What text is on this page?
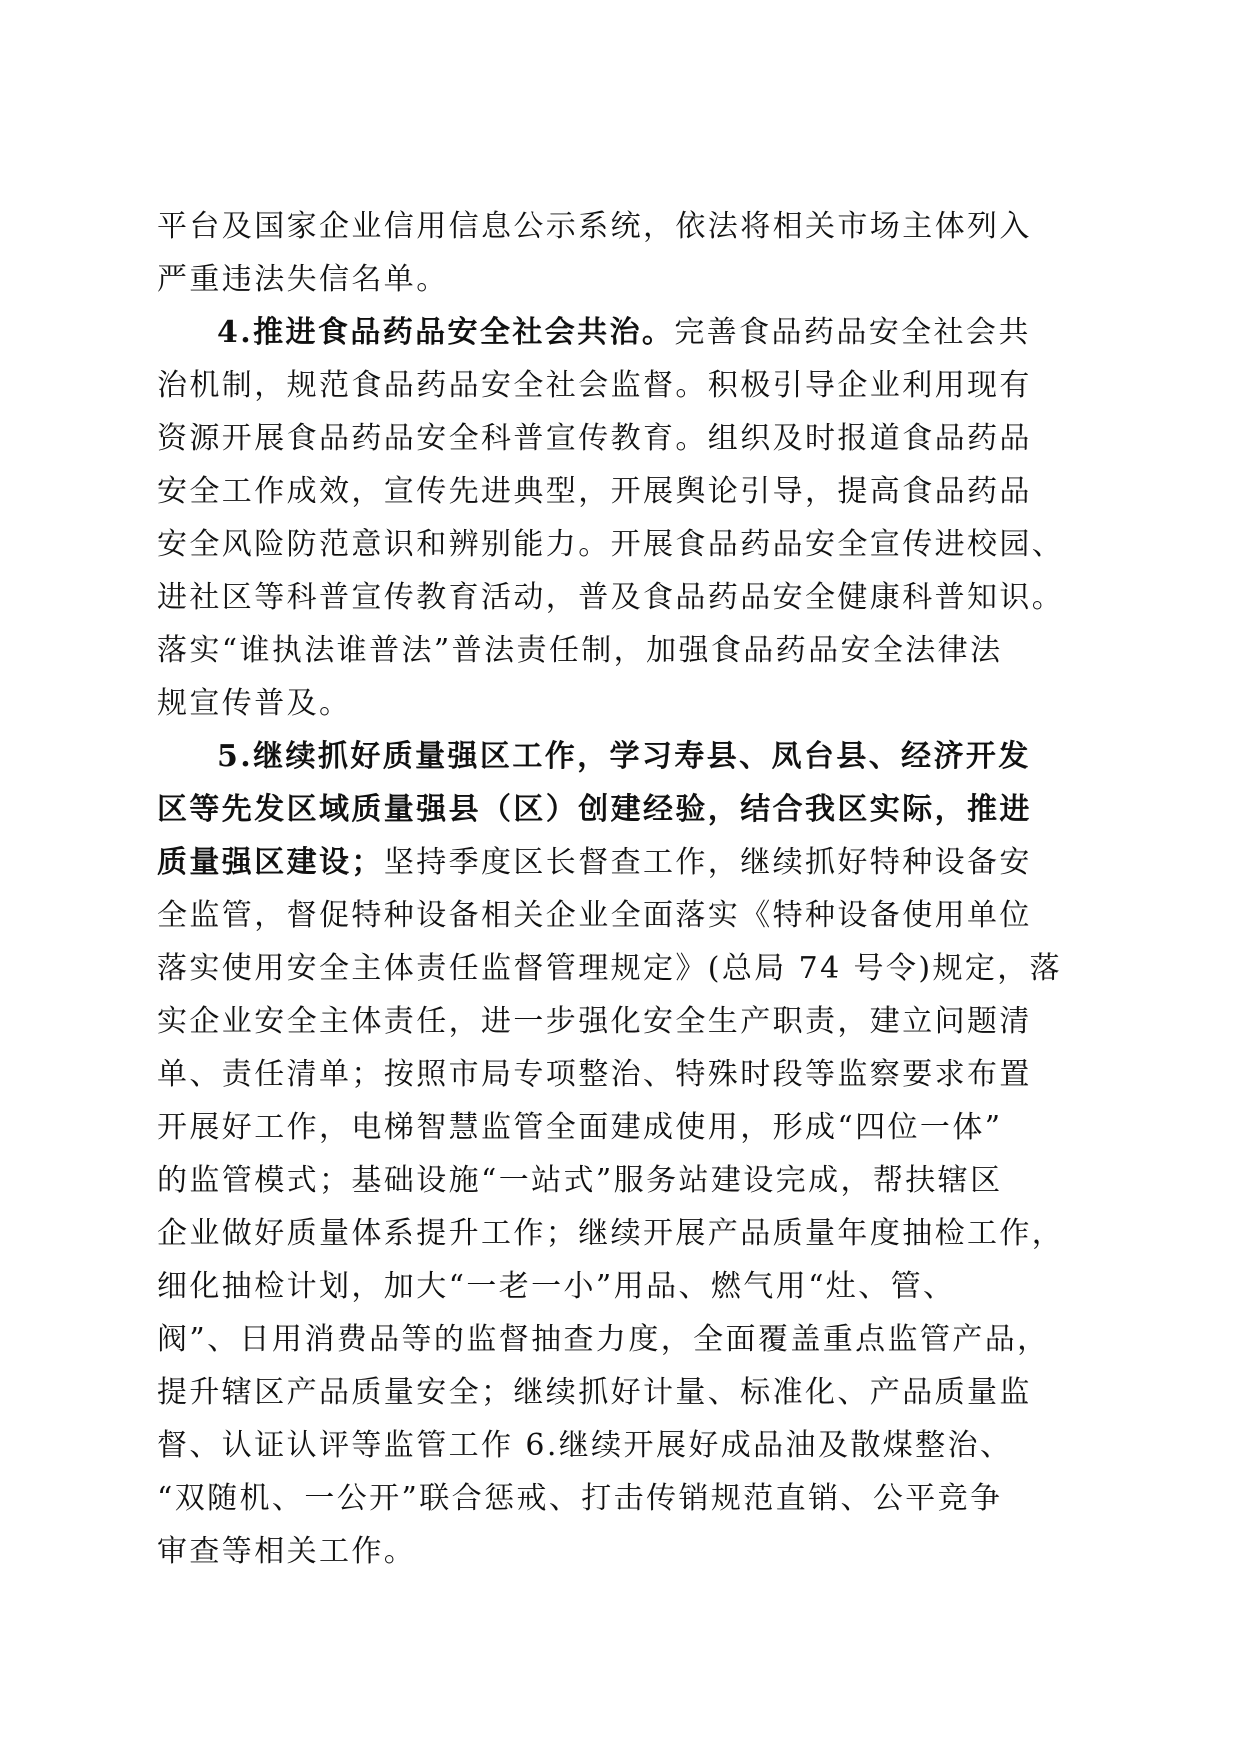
平台及国家企业信用信息公示系统，依法将相关市场主体列入
严重违法失信名单。
4.推进食品药品安全社会共治。完善食品药品安全社会共
治机制，规范食品药品安全社会监督。积极引导企业利用现有
资源开展食品药品安全科普宣传教育。组织及时报道食品药品
安全工作成效，宣传先进典型，开展舆论引导，提高食品药品
安全风险防范意识和辨别能力。开展食品药品安全宣传进校园、
进社区等科普宣传教育活动，普及食品药品安全健康科普知识。
落实“谁执法谁普法”普法责任制，加强食品药品安全法律法
规宣传普及。
5.继续抓好质量强区工作，学习寿县、凤台县、经济开发
区等先发区域质量强县（区）创建经验，结合我区实际，推进
质量强区建设；坚持季度区长督查工作，继续抓好特种设备安
全监管，督促特种设备相关企业全面落实《特种设备使用单位
落实使用安全主体责任监督管理规定》(总局 74 号令)规定，落
实企业安全主体责任，进一步强化安全生产职责，建立问题清
单、责任清单；按照市局专项整治、特殊时段等监察要求布置
开展好工作，电梯智慧监管全面建成使用，形成“四位一体”
的监管模式；基础设施“一站式”服务站建设完成，帮扶辖区
企业做好质量体系提升工作；继续开展产品质量年度抽检工作，
细化抽检计划，加大“一老一小”用品、燃气用“灶、管、
阀”、日用消费品等的监督抽查力度，全面覆盖重点监管产品，
提升辖区产品质量安全；继续抓好计量、标准化、产品质量监
督、认证认评等监管工作 6.继续开展好成品油及散煤整治、
“双随机、一公开”联合惩戒、打击传销规范直销、公平竞争
审查等相关工作。
